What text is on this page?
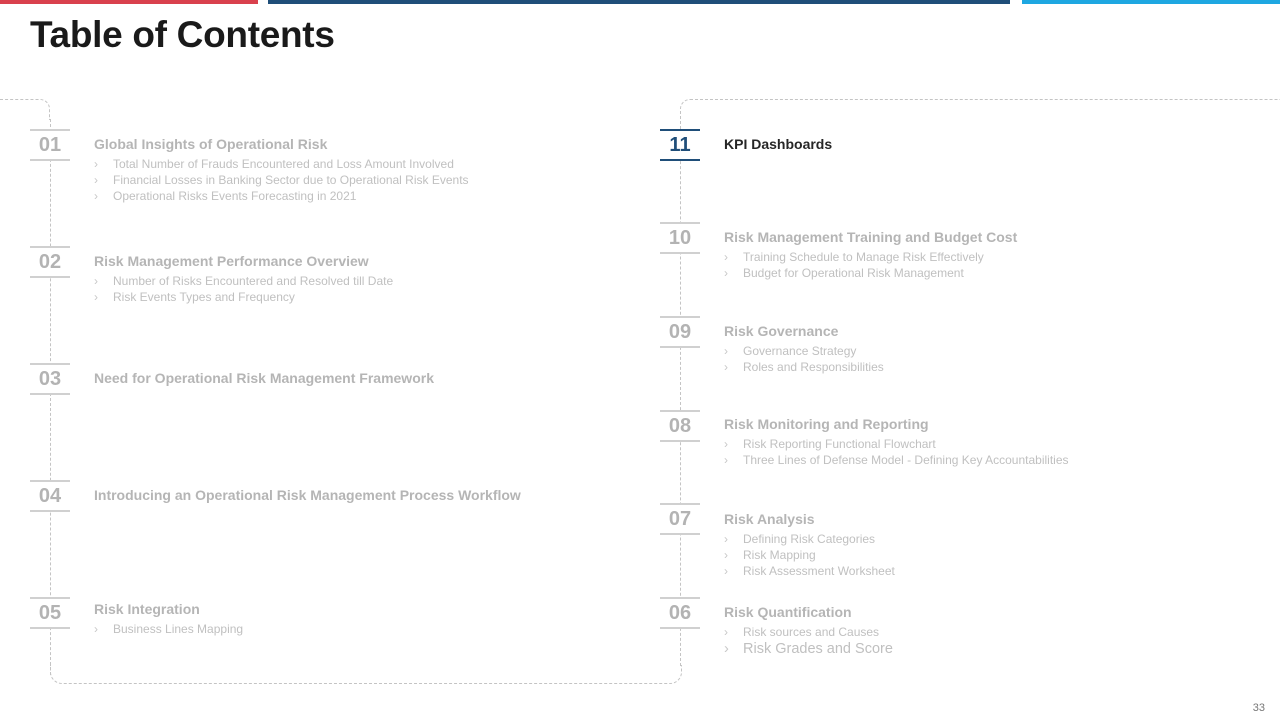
Table of Contents
01	Global Insights of Operational Risk
› Total Number of Frauds Encountered and Loss Amount Involved
› Financial Losses in Banking Sector due to Operational Risk Events
› Operational Risks Events Forecasting in 2021
02	Risk Management Performance Overview
› Number of Risks Encountered and Resolved till Date
› Risk Events Types and Frequency
03	Need for Operational Risk Management Framework
04	Introducing an Operational Risk Management Process Workflow
05	Risk Integration
› Business Lines Mapping
11	KPI Dashboards
10	Risk Management Training and Budget Cost
› Training Schedule to Manage Risk Effectively
› Budget for Operational Risk Management
09	Risk Governance
› Governance Strategy
› Roles and Responsibilities
08	Risk Monitoring and Reporting
› Risk Reporting Functional Flowchart
› Three Lines of Defense Model - Defining Key Accountabilities
07	Risk Analysis
› Defining Risk Categories
› Risk Mapping
› Risk Assessment Worksheet
06	Risk Quantification
› Risk sources and Causes
› Risk Grades and Score
33
